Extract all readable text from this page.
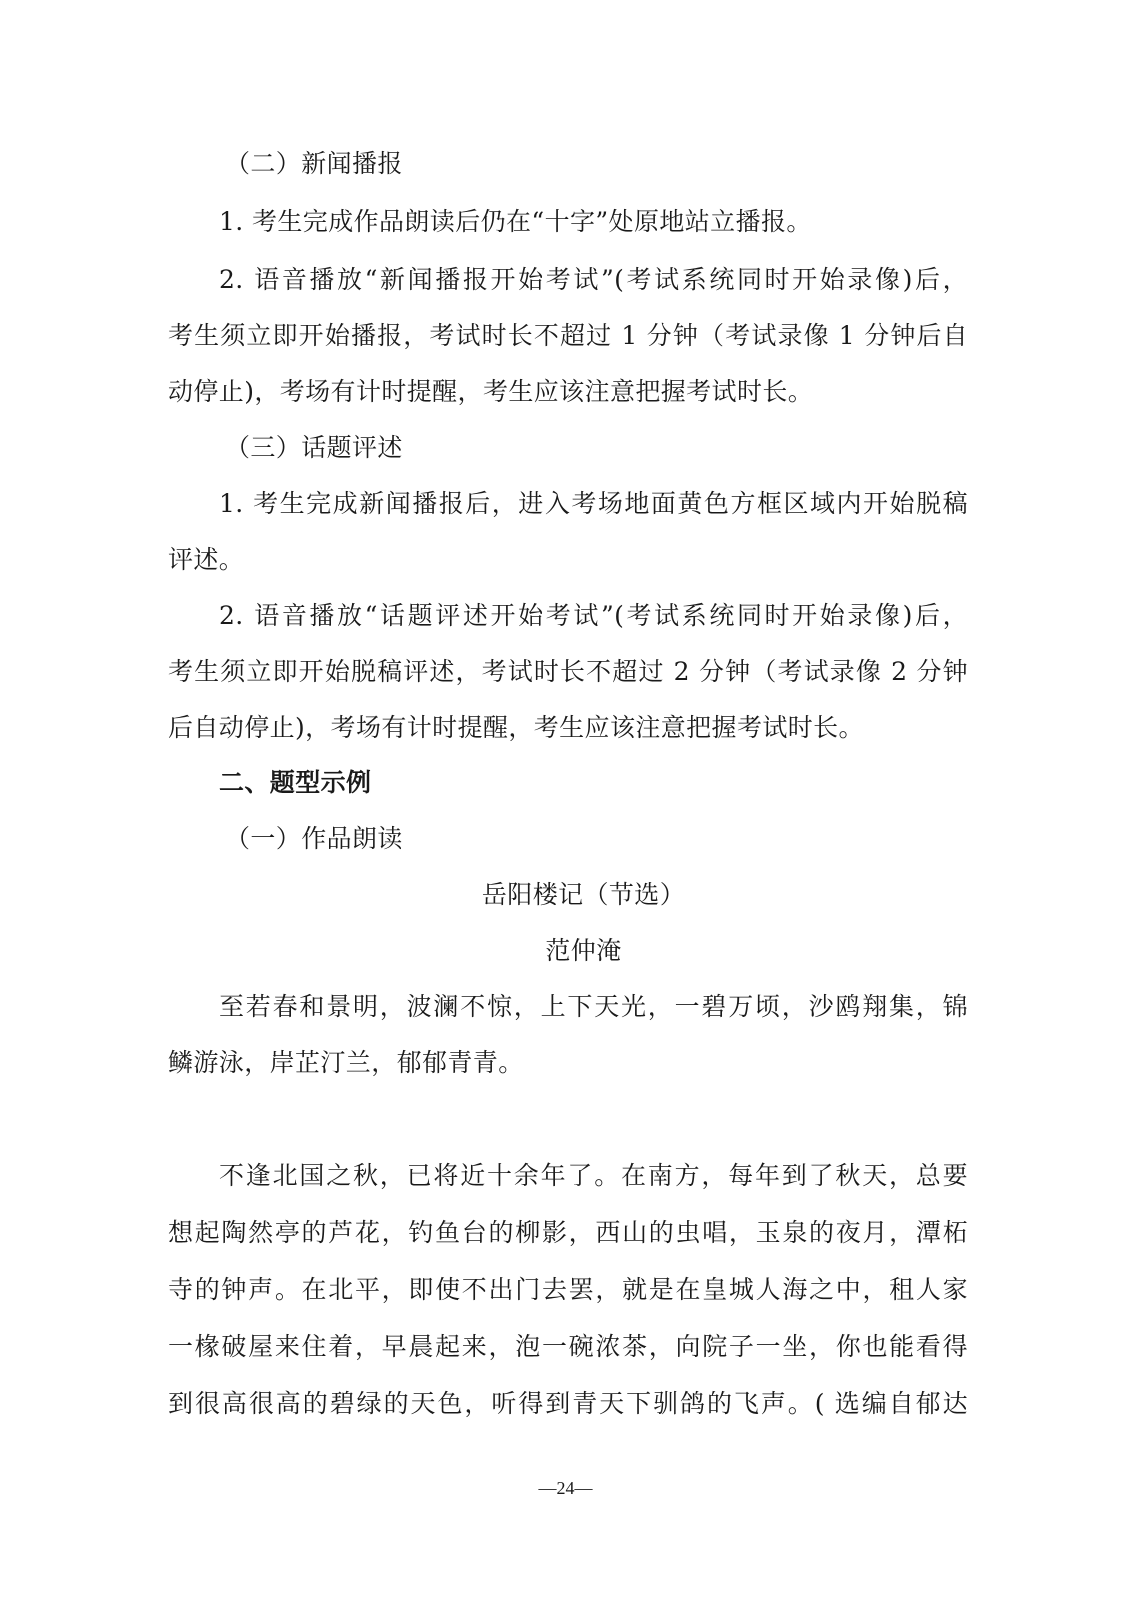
（二）新闻播报
1. 考生完成作品朗读后仍在“十字”处原地站立播报。
2. 语音播放“新闻播报开始考试”(考试系统同时开始录像)后，
考生须立即开始播报，考试时长不超过 1 分钟（考试录像 1 分钟后自
动停止)，考场有计时提醒，考生应该注意把握考试时长。
（三）话题评述
1. 考生完成新闻播报后，进入考场地面黄色方框区域内开始脱稿
评述。
2. 语音播放“话题评述开始考试”(考试系统同时开始录像)后，
考生须立即开始脱稿评述，考试时长不超过 2 分钟（考试录像 2 分钟
后自动停止)，考场有计时提醒，考生应该注意把握考试时长。
二、题型示例
（一）作品朗读
岳阳楼记（节选）
范仲淹
至若春和景明，波澜不惊，上下天光，一碧万顷，沙鸥翔集，锦
鳞游泳，岸芷汀兰，郁郁青青。
不逢北国之秋，已将近十余年了。在南方，每年到了秋天，总要
想起陶然亭的芦花，钓鱼台的柳影，西山的虫唱，玉泉的夜月，潭柘
寺的钟声。在北平，即使不出门去罢，就是在皇城人海之中，租人家
一椽破屋来住着，早晨起来，泡一碗浓茶，向院子一坐，你也能看得
到很高很高的碧绿的天色，听得到青天下驯鸽的飞声。( 选编自郁达
—24—
